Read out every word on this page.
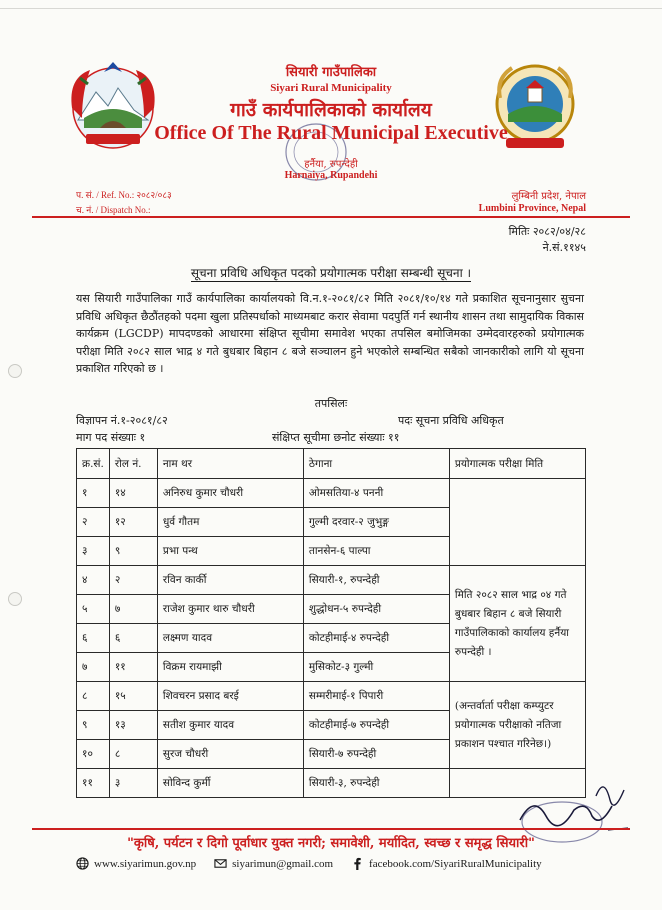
सियारी गाउँपालिका
Siyari Rural Municipality
गाउँ कार्यपालिकाको कार्यालय
Office Of The Rural Municipal Executive
हर्नैया, रुपन्देही
Harnaiya, Rupandehi
प. सं. / Ref. No.: २०८२/०८३
च. नं. / Dispatch No.:
लुम्बिनी प्रदेश, नेपाल
Lumbini Province, Nepal
मितिः २०८२/०४/२८
ने.सं.११४५
सूचना प्रविधि अधिकृत पदको प्रयोगात्मक परीक्षा सम्बन्धी सूचना ।

यस सियारी गाउँपालिका गाउँ कार्यपालिका कार्यालयको वि.न.१-२०८१/८२ मिति २०८१/१०/१४ गते प्रकाशित सूचनानुसार सुचना प्रविधि अधिकृत छैठौंतहको पदमा खुला प्रतिस्पर्धाको माध्यमबाट करार सेवामा पदपुर्ति गर्न स्थानीय शासन तथा सामुदायिक विकास कार्यक्रम (LGCDP) मापदण्डको आधारमा संक्षिप्त सूचीमा समावेश भएका तपसिल बमोजिमका उम्मेदवारहरुको प्रयोगात्मक परीक्षा मिति २०८२ साल भाद्र ४ गते बुधबार बिहान ८ बजे सञ्चालन हुने भएकोले सम्बन्धित सबैको जानकारीको लागि यो सूचना प्रकाशित गरिएको छ ।

तपसिलः
विज्ञापन नं.१-२०८१/८२	पदः सूचना प्रविधि अधिकृत
माग पद संख्याः १	संक्षिप्त सूचीमा छनोट संख्याः ११
क्र.सं.	रोल नं.	नाम थर	ठेगाना	प्रयोगात्मक परीक्षा मिति
१	१४	अनिरुध कुमार चौधरी	ओमसतिया-४ पननी	
२	१२	धुर्व गौतम	गुल्मी दरवार-२ जुभुङ्ग	
३	९	प्रभा पन्थ	तानसेन-६ पाल्पा	
४	२	रविन कार्की	सियारी-१, रुपन्देही	मिति २०८२ साल भाद्र ०४ गते बुधबार बिहान ८ बजे सियारी गाउँपालिकाको कार्यालय हर्नैया रुपन्देही ।
५	७	राजेश कुमार थारु चौधरी	शुद्धोधन-५ रुपन्देही	
६	६	लक्ष्मण यादव	कोटहीमाई-४ रुपन्देही	
७	११	विक्रम रायमाझी	मुसिकोट-३ गुल्मी	
८	१५	शिवचरन प्रसाद बरई	सम्मरीमाई-१ पिपारी	(अन्तर्वार्ता परीक्षा कम्प्युटर प्रयोगात्मक परीक्षाको नतिजा प्रकाशन पश्चात गरिनेछ।)
९	१३	सतीश कुमार यादव	कोटहीमाई-७ रुपन्देही	
१०	८	सुरज चौधरी	सियारी-७ रुपन्देही	
११	३	सोविन्द कुर्मी	सियारी-३, रुपन्देही	
"कृषि, पर्यटन र दिगो पूर्वाधार युक्त नगरी; समावेशी, मर्यादित, स्वच्छ र समृद्ध सियारी"
www.siyarimun.gov.np	siyarimun@gmail.com	facebook.com/SiyariRuralMunicipality
